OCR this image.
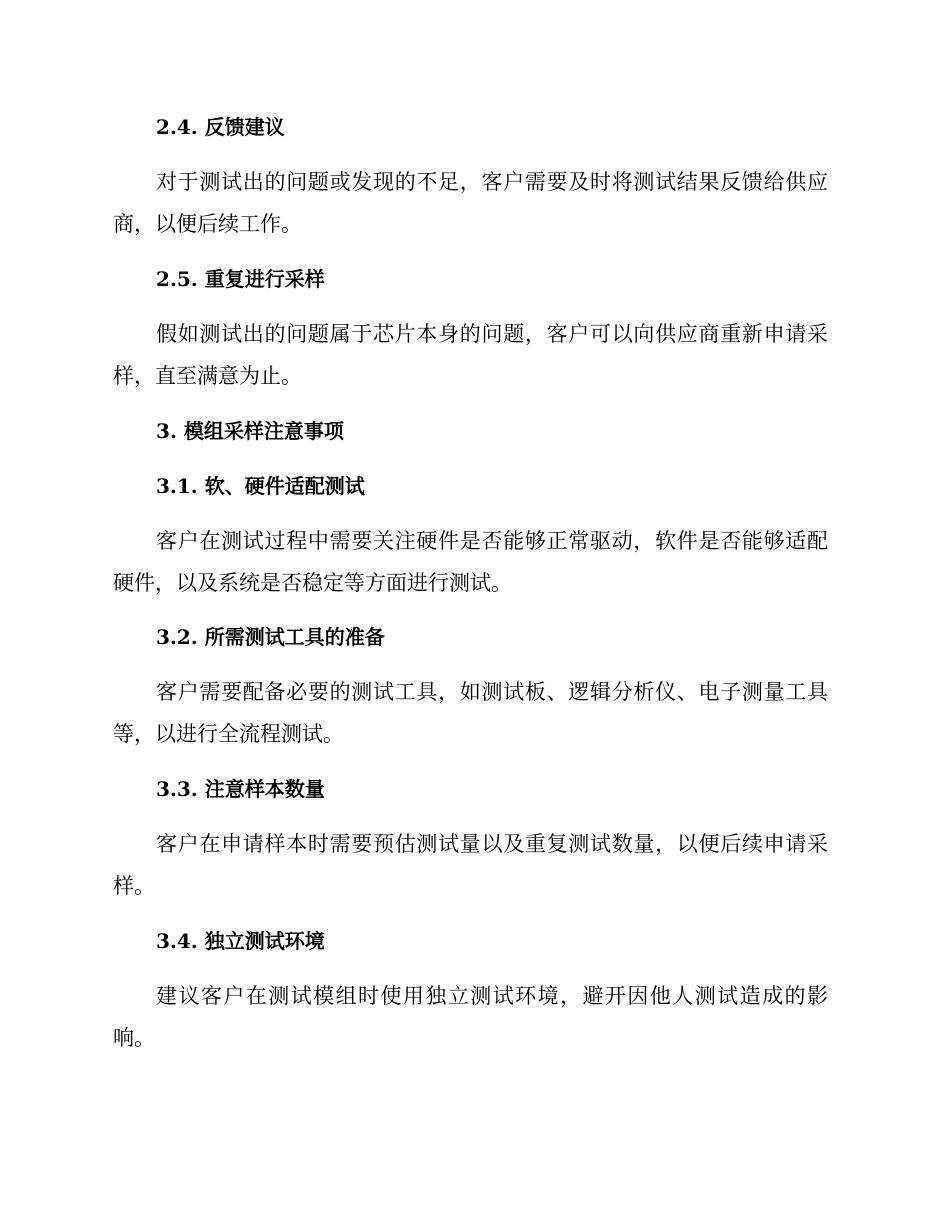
2.4. 反馈建议
对于测试出的问题或发现的不足，客户需要及时将测试结果反馈给供应
商，以便后续工作。
2.5. 重复进行采样
假如测试出的问题属于芯片本身的问题，客户可以向供应商重新申请采
样，直至满意为止。
3. 模组采样注意事项
3.1. 软、硬件适配测试
客户在测试过程中需要关注硬件是否能够正常驱动，软件是否能够适配
硬件，以及系统是否稳定等方面进行测试。
3.2. 所需测试工具的准备
客户需要配备必要的测试工具，如测试板、逻辑分析仪、电子测量工具
等，以进行全流程测试。
3.3. 注意样本数量
客户在申请样本时需要预估测试量以及重复测试数量，以便后续申请采
样。
3.4. 独立测试环境
建议客户在测试模组时使用独立测试环境，避开因他人测试造成的影
响。
